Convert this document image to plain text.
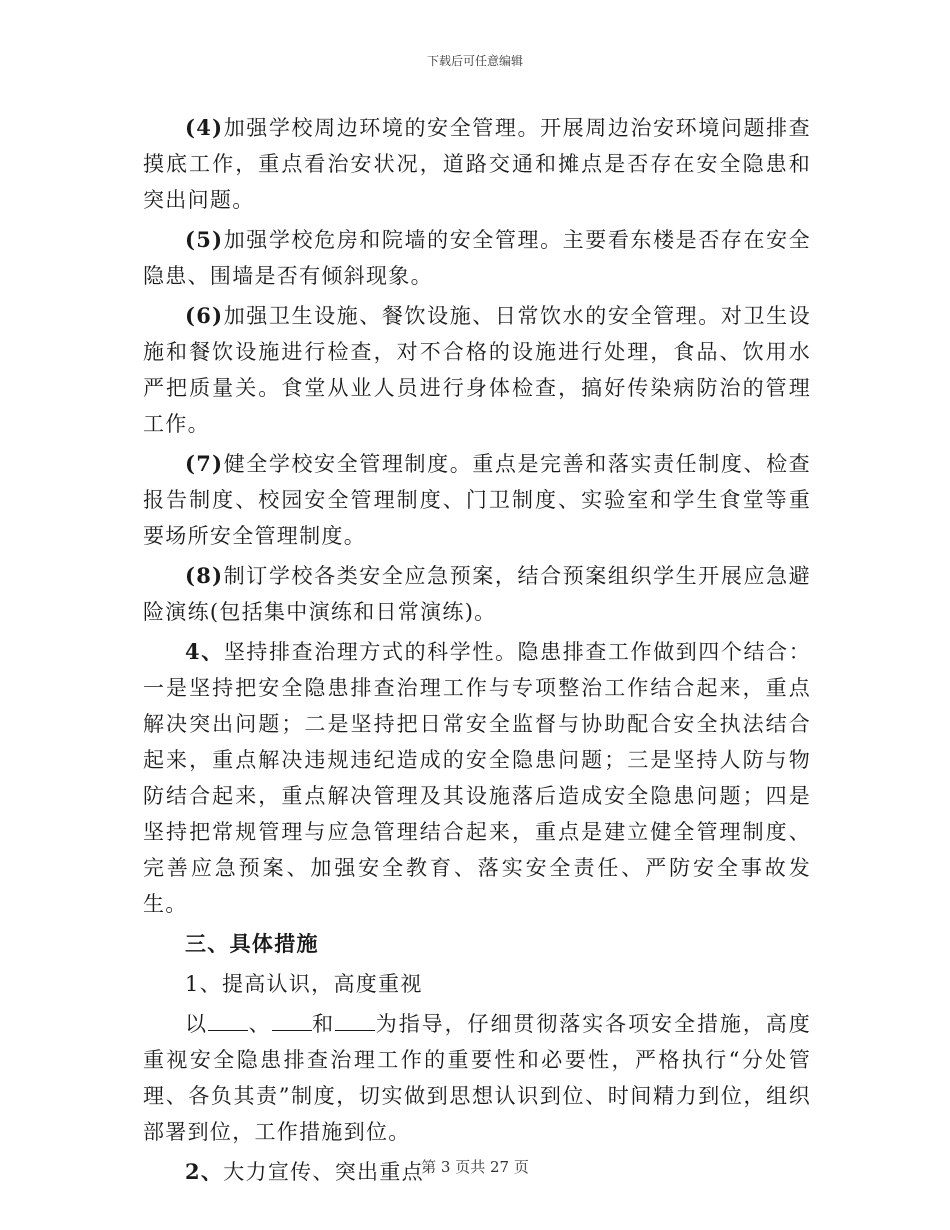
下载后可任意编辑

(4)加强学校周边环境的安全管理。开展周边治安环境问题排查摸底工作，重点看治安状况，道路交通和摊点是否存在安全隐患和突出问题。

(5)加强学校危房和院墙的安全管理。主要看东楼是否存在安全隐患、围墙是否有倾斜现象。

(6)加强卫生设施、餐饮设施、日常饮水的安全管理。对卫生设施和餐饮设施进行检查，对不合格的设施进行处理，食品、饮用水严把质量关。食堂从业人员进行身体检查，搞好传染病防治的管理工作。

(7)健全学校安全管理制度。重点是完善和落实责任制度、检查报告制度、校园安全管理制度、门卫制度、实验室和学生食堂等重要场所安全管理制度。

(8)制订学校各类安全应急预案，结合预案组织学生开展应急避险演练(包括集中演练和日常演练)。

4、坚持排查治理方式的科学性。隐患排查工作做到四个结合：一是坚持把安全隐患排查治理工作与专项整治工作结合起来，重点解决突出问题；二是坚持把日常安全监督与协助配合安全执法结合起来，重点解决违规违纪造成的安全隐患问题；三是坚持人防与物防结合起来，重点解决管理及其设施落后造成安全隐患问题；四是坚持把常规管理与应急管理结合起来，重点是建立健全管理制度、完善应急预案、加强安全教育、落实安全责任、严防安全事故发生。

三、具体措施

1、提高认识，高度重视

以 、 和 为指导，仔细贯彻落实各项安全措施，高度重视安全隐患排查治理工作的重要性和必要性，严格执行“分处管理、各负其责”制度，切实做到思想认识到位、时间精力到位，组织部署到位，工作措施到位。

2、大力宣传、突出重点

第 3 页共 27 页
